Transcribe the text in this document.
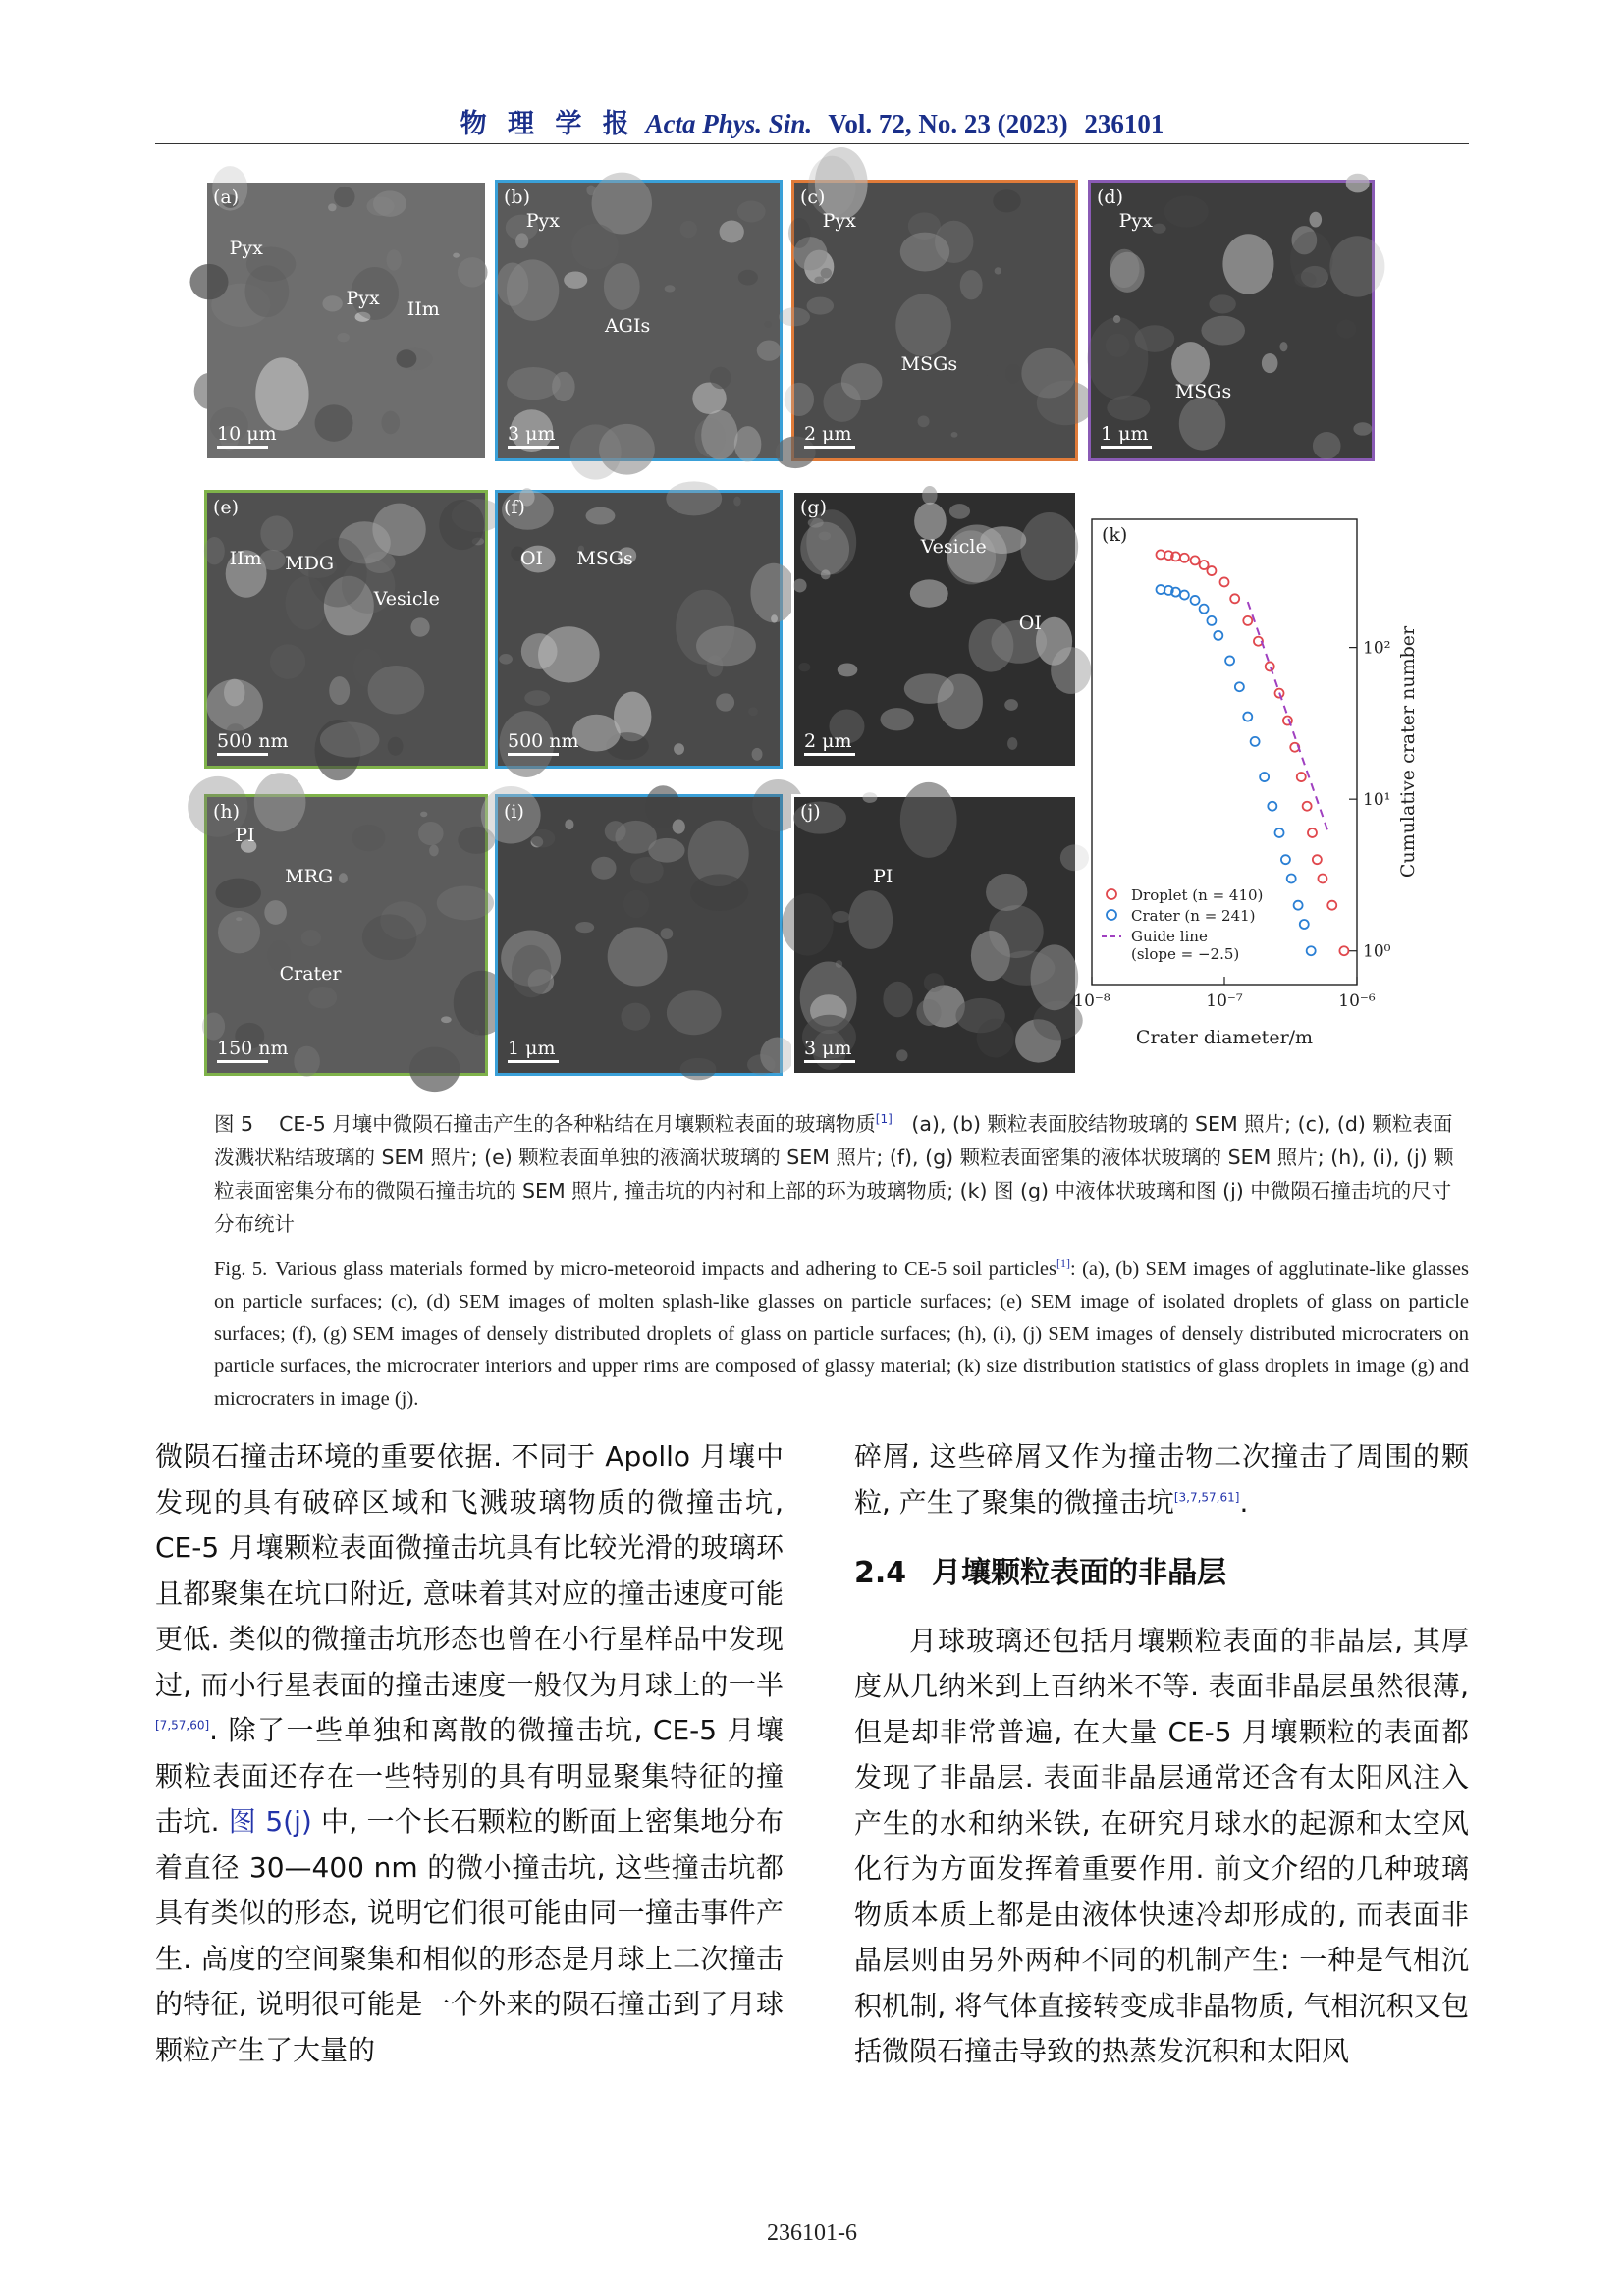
物 理 学 报 Acta Phys. Sin. Vol. 72, No. 23 (2023) 236101
(a)
Pyx
Pyx
IIm
10 μm
(b)
Pyx
AGIs
3 μm
(c)
Pyx
MSGs
2 μm
(d)
Pyx
MSGs
1 μm
(e)
IIm MDG
Vesicle
500 nm
(f)
OI MSGs
500 nm
(g)
Vesicle
OI
2 μm
(h)
PI
MRG
Crater
150 nm
(i)
1 μm
(j)
PI
3 μm
(k)
10⁻⁸	10⁻⁷	10⁻⁶
10⁰
10¹
10²
Crater diameter/m
Cumulative crater number
Droplet (n = 410)
Crater (n = 241)
Guide line
(slope = −2.5)
图 5 CE-5 月壤中微陨石撞击产生的各种粘结在月壤颗粒表面的玻璃物质[1] (a), (b) 颗粒表面胶结物玻璃的 SEM 照片; (c), (d) 颗粒表面泼溅状粘结玻璃的 SEM 照片; (e) 颗粒表面单独的液滴状玻璃的 SEM 照片; (f), (g) 颗粒表面密集的液体状玻璃的 SEM 照片; (h), (i), (j) 颗粒表面密集分布的微陨石撞击坑的 SEM 照片, 撞击坑的内衬和上部的环为玻璃物质; (k) 图 (g) 中液体状玻璃和图 (j) 中微陨石撞击坑的尺寸分布统计
Fig. 5. Various glass materials formed by micro-meteoroid impacts and adhering to CE-5 soil particles[1]: (a), (b) SEM images of agglutinate-like glasses on particle surfaces; (c), (d) SEM images of molten splash-like glasses on particle surfaces; (e) SEM image of isolated droplets of glass on particle surfaces; (f), (g) SEM images of densely distributed droplets of glass on particle surfaces; (h), (i), (j) SEM images of densely distributed microcraters on particle surfaces, the microcrater interiors and upper rims are composed of glassy material; (k) size distribution statistics of glass droplets in image (g) and microcraters in image (j).

微陨石撞击环境的重要依据. 不同于 Apollo 月壤中发现的具有破碎区域和飞溅玻璃物质的微撞击坑, CE-5 月壤颗粒表面微撞击坑具有比较光滑的玻璃环且都聚集在坑口附近, 意味着其对应的撞击速度可能更低. 类似的微撞击坑形态也曾在小行星样品中发现过, 而小行星表面的撞击速度一般仅为月球上的一半[7,57,60]. 除了一些单独和离散的微撞击坑, CE-5 月壤颗粒表面还存在一些特别的具有明显聚集特征的撞击坑. 图 5(j) 中, 一个长石颗粒的断面上密集地分布着直径 30—400 nm 的微小撞击坑, 这些撞击坑都具有类似的形态, 说明它们很可能由同一撞击事件产生. 高度的空间聚集和相似的形态是月球上二次撞击的特征, 说明很可能是一个外来的陨石撞击到了月球颗粒产生了大量的

碎屑, 这些碎屑又作为撞击物二次撞击了周围的颗粒, 产生了聚集的微撞击坑[3,7,57,61].

2.4 月壤颗粒表面的非晶层

月球玻璃还包括月壤颗粒表面的非晶层, 其厚度从几纳米到上百纳米不等. 表面非晶层虽然很薄, 但是却非常普遍, 在大量 CE-5 月壤颗粒的表面都发现了非晶层. 表面非晶层通常还含有太阳风注入产生的水和纳米铁, 在研究月球水的起源和太空风化行为方面发挥着重要作用. 前文介绍的几种玻璃物质本质上都是由液体快速冷却形成的, 而表面非晶层则由另外两种不同的机制产生: 一种是气相沉积机制, 将气体直接转变成非晶物质, 气相沉积又包括微陨石撞击导致的热蒸发沉积和太阳风

236101-6
